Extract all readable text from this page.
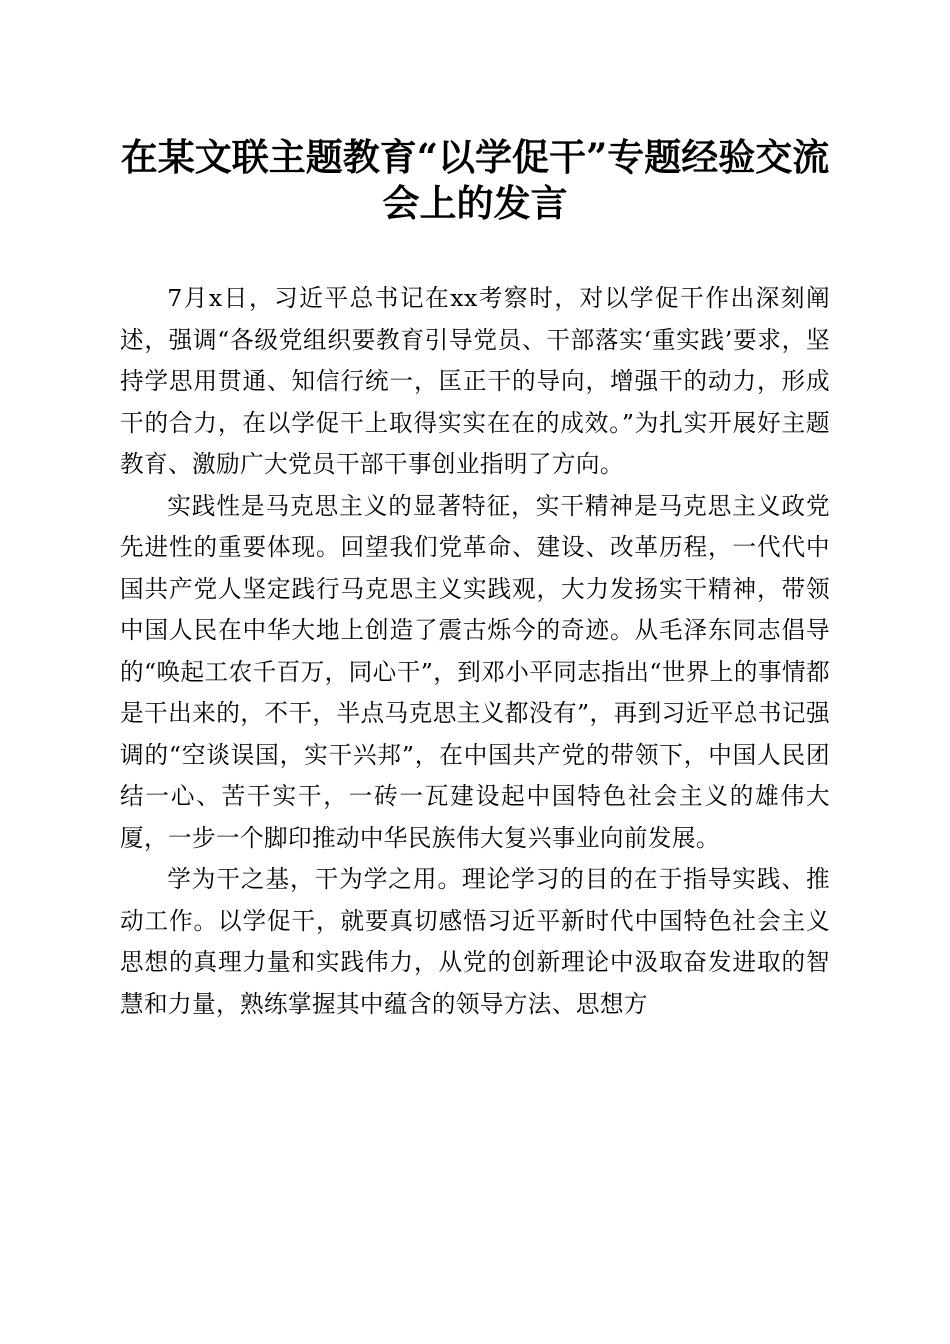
在某文联主题教育“以学促干”专题经验交流
会上的发言

7月x日，习近平总书记在xx考察时，对以学促干作出深刻阐述，强调“各级党组织要教育引导党员、干部落实‘重实践’要求，坚持学思用贯通、知信行统一，匡正干的导向，增强干的动力，形成干的合力，在以学促干上取得实实在在的成效。”为扎实开展好主题教育、激励广大党员干部干事创业指明了方向。

实践性是马克思主义的显著特征，实干精神是马克思主义政党先进性的重要体现。回望我们党革命、建设、改革历程，一代代中国共产党人坚定践行马克思主义实践观，大力发扬实干精神，带领中国人民在中华大地上创造了震古烁今的奇迹。从毛泽东同志倡导的“唤起工农千百万，同心干”，到邓小平同志指出“世界上的事情都是干出来的，不干，半点马克思主义都没有”，再到习近平总书记强调的“空谈误国，实干兴邦”，在中国共产党的带领下，中国人民团结一心、苦干实干，一砖一瓦建设起中国特色社会主义的雄伟大厦，一步一个脚印推动中华民族伟大复兴事业向前发展。

学为干之基，干为学之用。理论学习的目的在于指导实践、推动工作。以学促干，就要真切感悟习近平新时代中国特色社会主义思想的真理力量和实践伟力，从党的创新理论中汲取奋发进取的智慧和力量，熟练掌握其中蕴含的领导方法、思想方
